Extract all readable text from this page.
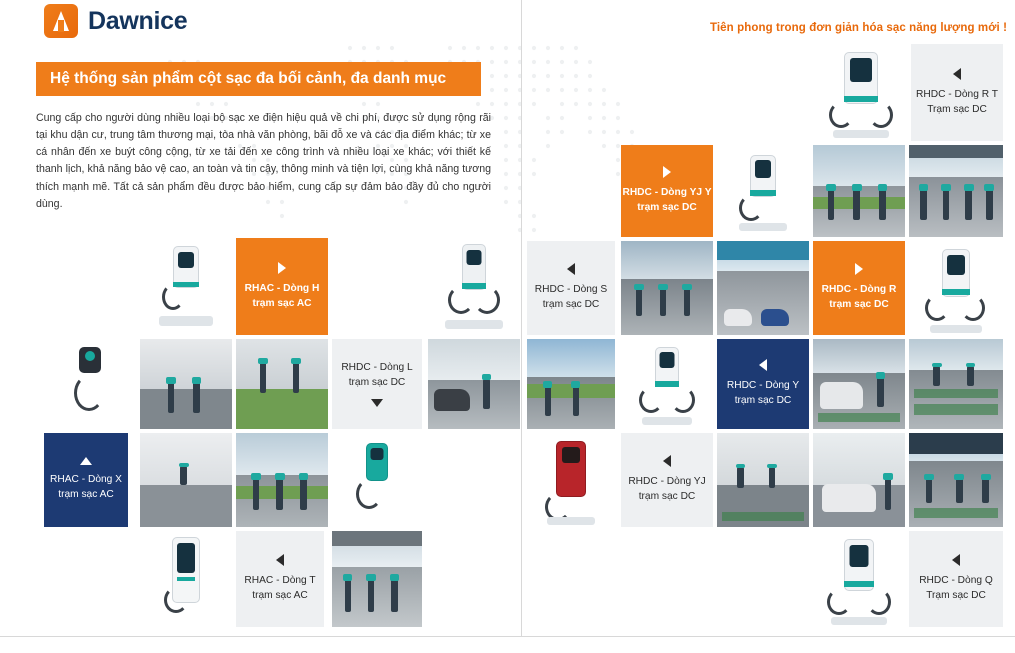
Dawnice	Tiên phong trong đơn giản hóa sạc năng lượng mới !
Hệ thống sản phẩm cột sạc đa bối cảnh, đa danh mục
Cung cấp cho người dùng nhiều loại bộ sạc xe điện hiệu quả về chi phí, được sử dụng rộng rãi tại khu dận cư, trung tâm thương mại, tòa nhà văn phòng, bãi đỗ xe và các địa điểm khác; từ xe cá nhân đến xe buýt công cộng, từ xe tải đến xe công trình và nhiều loại xe khác; với thiết kế thanh lịch, khả năng bảo vệ cao, an toàn và tin cậy, thông minh và tiện lợi, cùng khả năng tương thích mạnh mẽ. Tất cả sản phẩm đều được bảo hiểm, cung cấp sự đảm bảo đầy đủ cho người dùng.
RHAC - Dòng H
trạm sạc AC
RHDC - Dòng L
trạm sạc DC
RHAC - Dòng X
trạm sạc AC
RHAC - Dòng T
trạm sạc AC
RHDC - Dòng R T
Trạm sạc DC
RHDC - Dòng YJ Y
trạm sạc DC
RHDC - Dòng S
trạm sạc DC
RHDC - Dòng R
trạm sạc DC
RHDC - Dòng Y
trạm sạc DC
RHDC - Dòng YJ
trạm sạc DC
RHDC - Dòng Q
Trạm sạc DC
